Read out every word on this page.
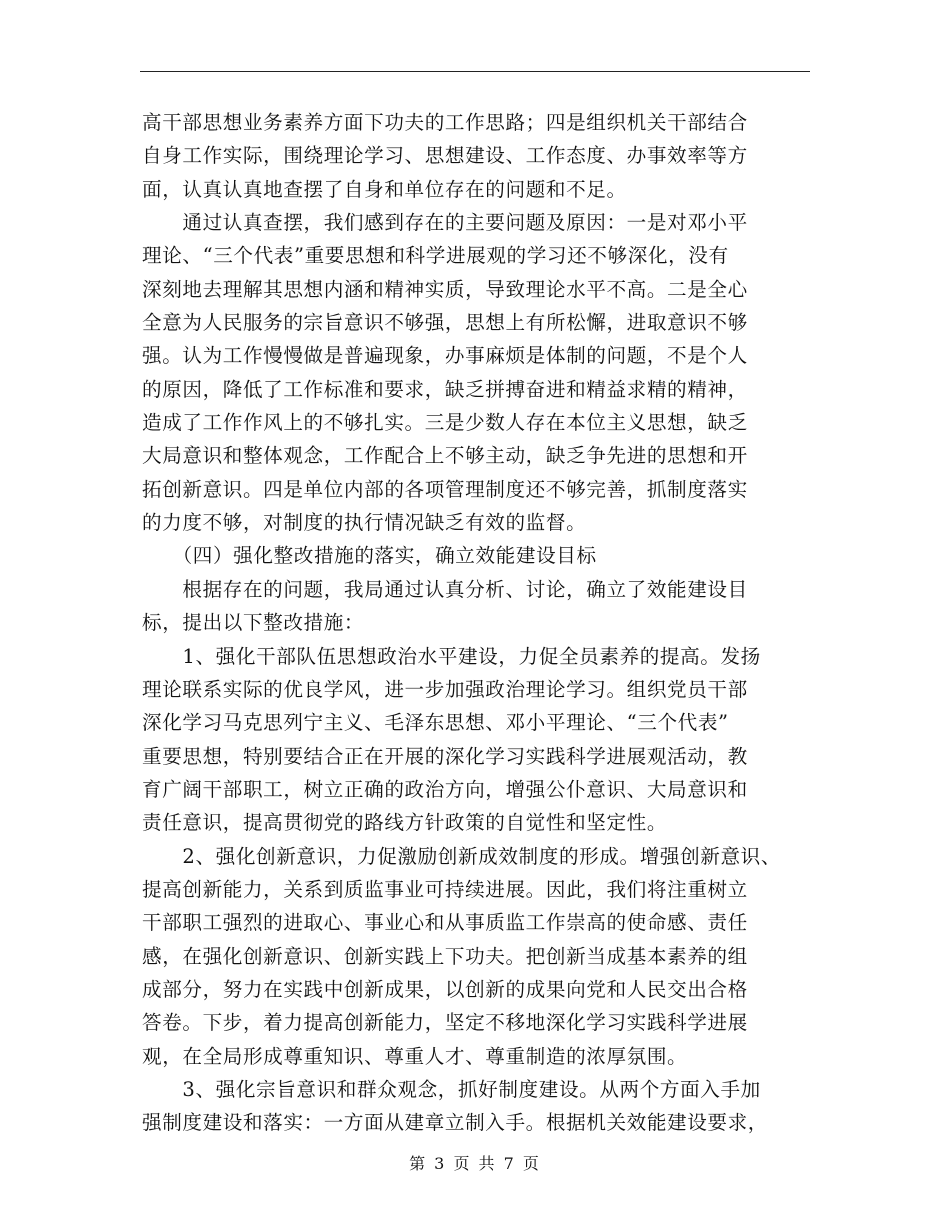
高干部思想业务素养方面下功夫的工作思路；四是组织机关干部结合
自身工作实际，围绕理论学习、思想建设、工作态度、办事效率等方
面，认真认真地查摆了自身和单位存在的问题和不足。
　　通过认真查摆，我们感到存在的主要问题及原因：一是对邓小平
理论、“三个代表”重要思想和科学进展观的学习还不够深化，没有
深刻地去理解其思想内涵和精神实质，导致理论水平不高。二是全心
全意为人民服务的宗旨意识不够强，思想上有所松懈，进取意识不够
强。认为工作慢慢做是普遍现象，办事麻烦是体制的问题，不是个人
的原因，降低了工作标准和要求，缺乏拼搏奋进和精益求精的精神，
造成了工作作风上的不够扎实。三是少数人存在本位主义思想，缺乏
大局意识和整体观念，工作配合上不够主动，缺乏争先进的思想和开
拓创新意识。四是单位内部的各项管理制度还不够完善，抓制度落实
的力度不够，对制度的执行情况缺乏有效的监督。
　　（四）强化整改措施的落实，确立效能建设目标
　　根据存在的问题，我局通过认真分析、讨论，确立了效能建设目
标，提出以下整改措施：
　　1、强化干部队伍思想政治水平建设，力促全员素养的提高。发扬
理论联系实际的优良学风，进一步加强政治理论学习。组织党员干部
深化学习马克思列宁主义、毛泽东思想、邓小平理论、“三个代表”
重要思想，特别要结合正在开展的深化学习实践科学进展观活动，教
育广阔干部职工，树立正确的政治方向，增强公仆意识、大局意识和
责任意识，提高贯彻党的路线方针政策的自觉性和坚定性。
　　2、强化创新意识，力促激励创新成效制度的形成。增强创新意识、
提高创新能力，关系到质监事业可持续进展。因此，我们将注重树立
干部职工强烈的进取心、事业心和从事质监工作崇高的使命感、责任
感，在强化创新意识、创新实践上下功夫。把创新当成基本素养的组
成部分，努力在实践中创新成果，以创新的成果向党和人民交出合格
答卷。下步，着力提高创新能力，坚定不移地深化学习实践科学进展
观，在全局形成尊重知识、尊重人才、尊重制造的浓厚氛围。
　　3、强化宗旨意识和群众观念，抓好制度建设。从两个方面入手加
强制度建设和落实：一方面从建章立制入手。根据机关效能建设要求，
第 3 页 共 7 页
